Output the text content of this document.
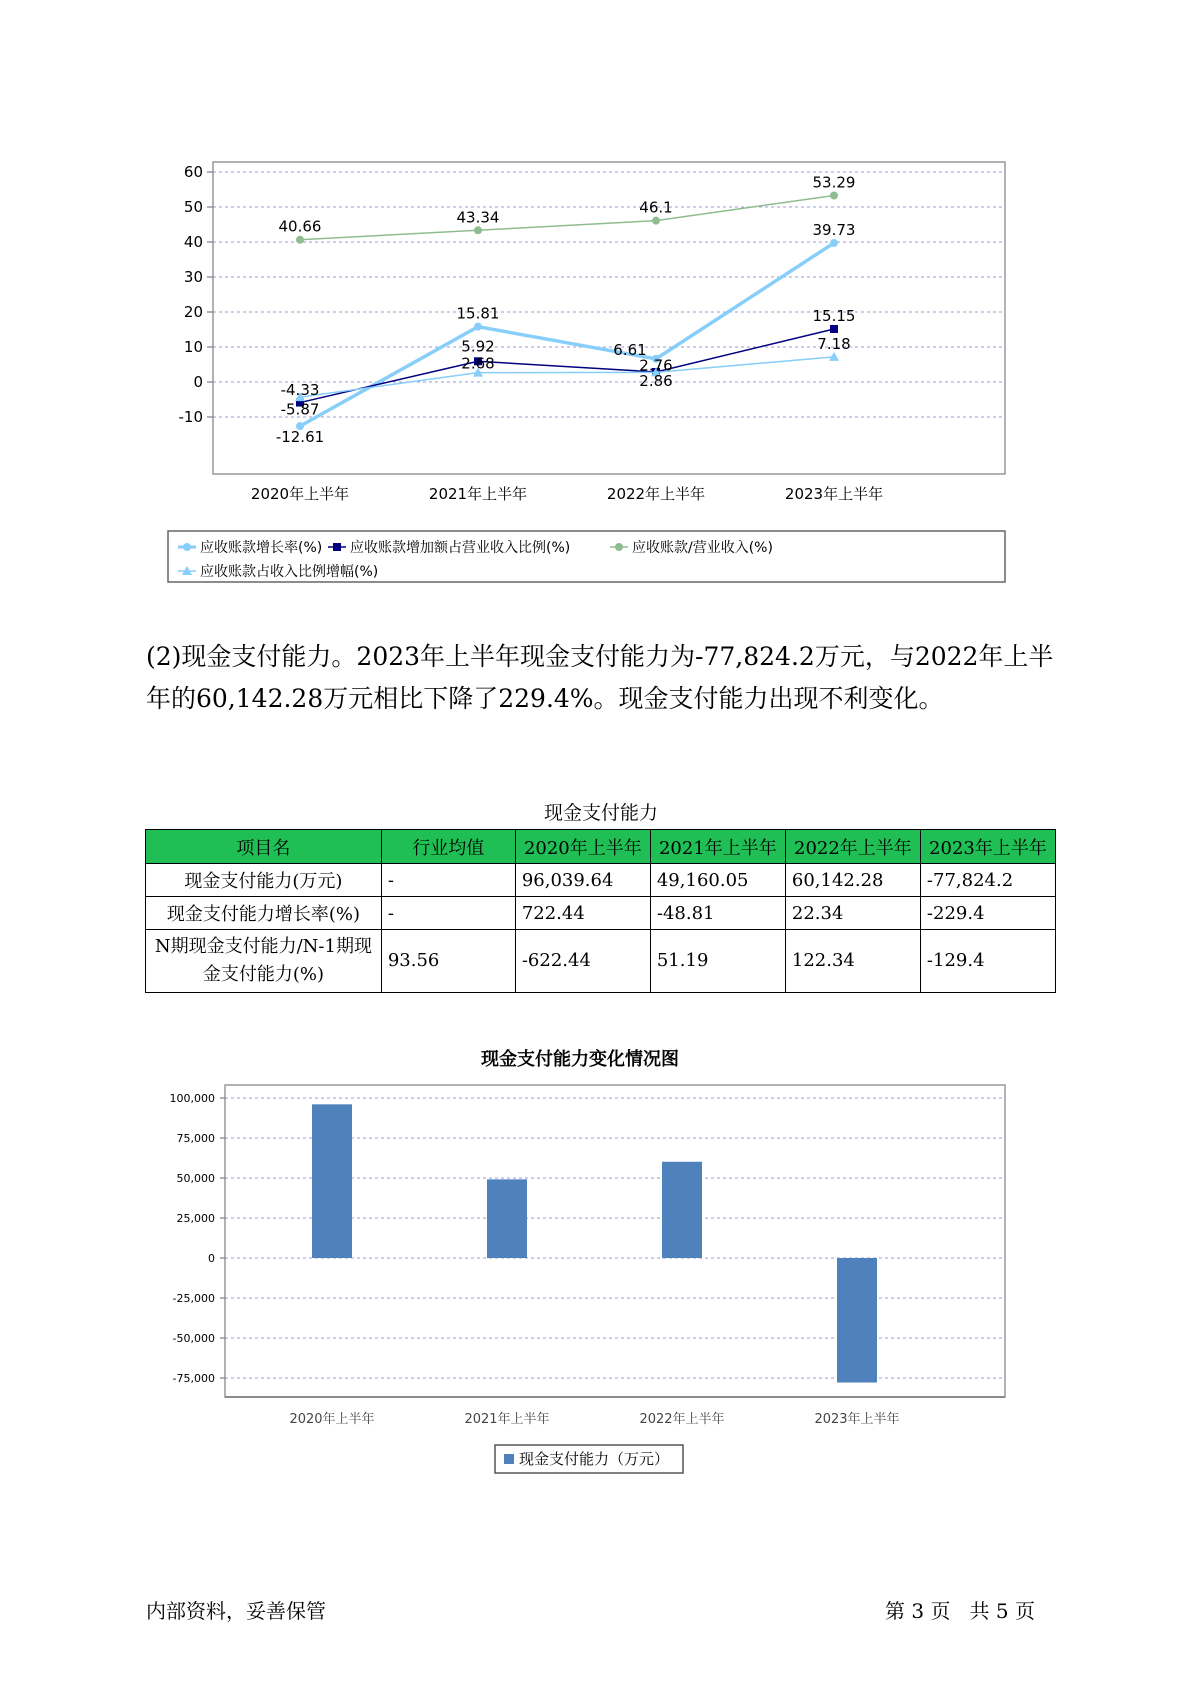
60
50
40
30
20
10
0
-10
2020年上半年	2021年上半年	2022年上半年	2023年上半年
-12.61
15.81
6.61
39.73
-5.87
5.92
2.86
15.15
40.66
43.34
46.1
53.29
-4.33
2.68	2.76
7.18
应收账款增长率(%) 应收账款增加额占营业收入比例(%)	应收账款/营业收入(%)
应收账款占收入比例增幅(%)
(2)现金支付能力。2023年上半年现金支付能力为-77,824.2万元，与2022年上半年的60,142.28万元相比下降了229.4%。现金支付能力出现不利变化。
现金支付能力
项目名	行业均值	2020年上半年	2021年上半年	2022年上半年	2023年上半年
现金支付能力(万元)	-	96,039.64	49,160.05	60,142.28	-77,824.2
现金支付能力增长率(%)	-	722.44	-48.81	22.34	-229.4
N期现金支付能力/N-1期现金支付能力(%)	93.56	-622.44	51.19	122.34	-129.4
现金支付能力变化情况图
100,000
75,000
50,000
25,000
0
-25,000
-50,000
-75,000
2020年上半年	2021年上半年	2022年上半年	2023年上半年
现金支付能力（万元）
内部资料，妥善保管	第 3 页   共 5 页
